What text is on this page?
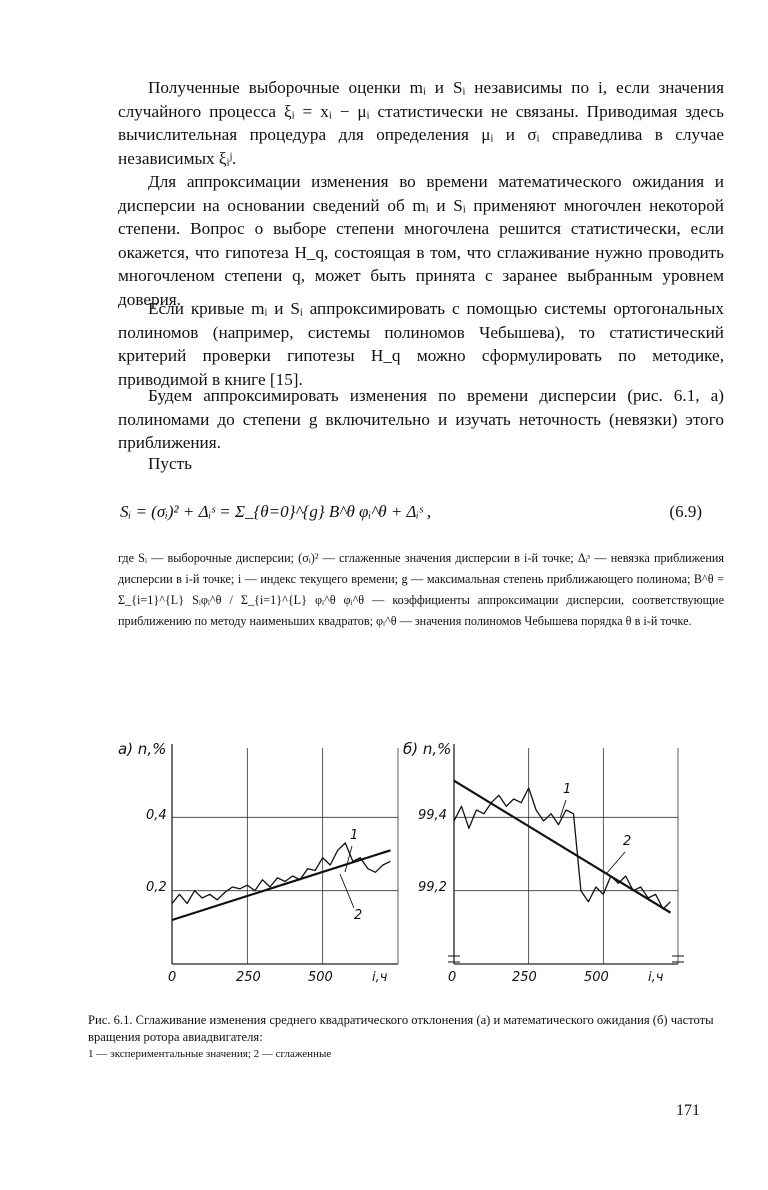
Полученные выборочные оценки mᵢ и Sᵢ независимы по i, если значения случайного процесса ξᵢ = xᵢ − μᵢ статистически не связаны. Приводимая здесь вычислительная процедура для определения μᵢ и σᵢ справедлива в случае независимых ξᵢʲ.

Для аппроксимации изменения во времени математического ожидания и дисперсии на основании сведений об mᵢ и Sᵢ применяют многочлен некоторой степени. Вопрос о выборе степени многочлена решится статистически, если окажется, что гипотеза H_q, состоящая в том, что сглаживание нужно проводить многочленом степени q, может быть принята с заранее выбранным уровнем доверия.

Если кривые mᵢ и Sᵢ аппроксимировать с помощью системы ортогональных полиномов (например, системы полиномов Чебышева), то статистический критерий проверки гипотезы H_q можно сформулировать по методике, приводимой в книге [15].

Будем аппроксимировать изменения по времени дисперсии (рис. 6.1, а) полиномами до степени g включительно и изучать неточность (невязки) этого приближения.

Пусть

Sᵢ = (σᵢ)² + Δᵢˢ = Σ_{θ=0}^{g} B^θ φᵢ^θ + Δᵢˢ ,	(6.9)

где Sᵢ — выборочные дисперсии; (σᵢ)² — сглаженные значения дисперсии в i-й точке; Δᵢˢ — невязка приближения дисперсии в i-й точке; i — индекс текущего времени; g — максимальная степень приближающего полинома; B^θ = Σ_{i=1}^{L} Sᵢφᵢ^θ / Σ_{i=1}^{L} φᵢ^θ φᵢ^θ — коэффициенты аппроксимации дисперсии, соответствующие приближению по методу наименьших квадратов; φᵢ^θ — значения полиномов Чебышева порядка θ в i-й точке.

а) n,%	б) n,%
0,4
0,2
99,4
99,2
0	250	500	i,ч	0	250	500	i,ч
1
2
1
2

Рис. 6.1. Сглаживание изменения среднего квадратического отклонения (а) и математического ожидания (б) частоты вращения ротора авиадвигателя:

1 — экспериментальные значения; 2 — сглаженные

171
